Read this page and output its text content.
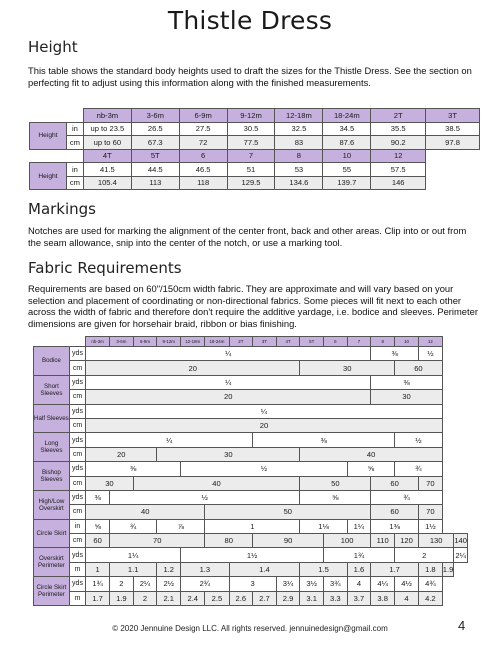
Thistle Dress
Height
This table shows the standard body heights used to draft the sizes for the Thistle Dress. See the section on perfecting fit to adjust using this information along with the finished measurements.
		nb-3m	3-6m	6-9m	9-12m	12-18m	18-24m	2T	3T
Height	in	up to 23.5	26.5	27.5	30.5	32.5	34.5	35.5	38.5
	cm	up to 60	67.3	72	77.5	83	87.6	90.2	97.8
		4T	5T	6	7	8	10	12	
Height	in	41.5	44.5	46.5	51	53	55	57.5	
	cm	105.4	113	118	129.5	134.6	139.7	146	
Markings
Notches are used for marking the alignment of the center front, back and other areas. Clip into or out from the seam allowance, snip into the center of the notch, or use a marking tool.
Fabric Requirements
Requirements are based on 60"/150cm width fabric. They are approximate and will vary based on your selection and placement of coordinating or non-directional fabrics. Some pieces will fit next to each other across the width of fabric and therefore don't require the additive yardage, i.e. bodice and sleeves. Perimeter dimensions are given for horsehair braid, ribbon or bias finishing.
		nb-3m	3-6m	6-9m	9-12m	12-18m	18-24m	2T	3T	4T	5T	6	7	8	10	12		
Bodice	yds	¼												⅜		½		
	cm	20									30				60			
Short Sleeves	yds	¼												⅜				
	cm	20												30				
Half Sleeves	yds	¼																
	cm	20																
Long Sleeves	yds	¼							⅜						½			
	cm	20			30						40							
Bishop Sleeves	yds	⅜				½							⅝		¾			
	cm	30		40							50			60		70		
High/Low Overskirt	yds	⅜	½								⅝			¾				
	cm	40					50							60		70		
Circle Skirt	in	⅝	¾		⅞		1				1⅛		1¼	1⅜		1½		
	cm	60	70				80		90			100		110	120	130		140
Overskirt Perimeter	yds	1¼				1½						1¾			2			2¼
	m	1	1.1		1.2	1.3		1.4			1.5		1.6	1.7		1.8	1.9	
Circle Skirt Perimeter	yds	1¾	2	2¼	2½	2¾		3		3¼	3½	3¾	4	4¼	4½	4¾		
	m	1.7	1.9	2	2.1	2.4	2.5	2.6	2.7	2.9	3.1	3.3	3.7	3.8	4	4.2		
© 2020 Jennuine Design LLC. All rights reserved. jennuinedesign@gmail.com	4
